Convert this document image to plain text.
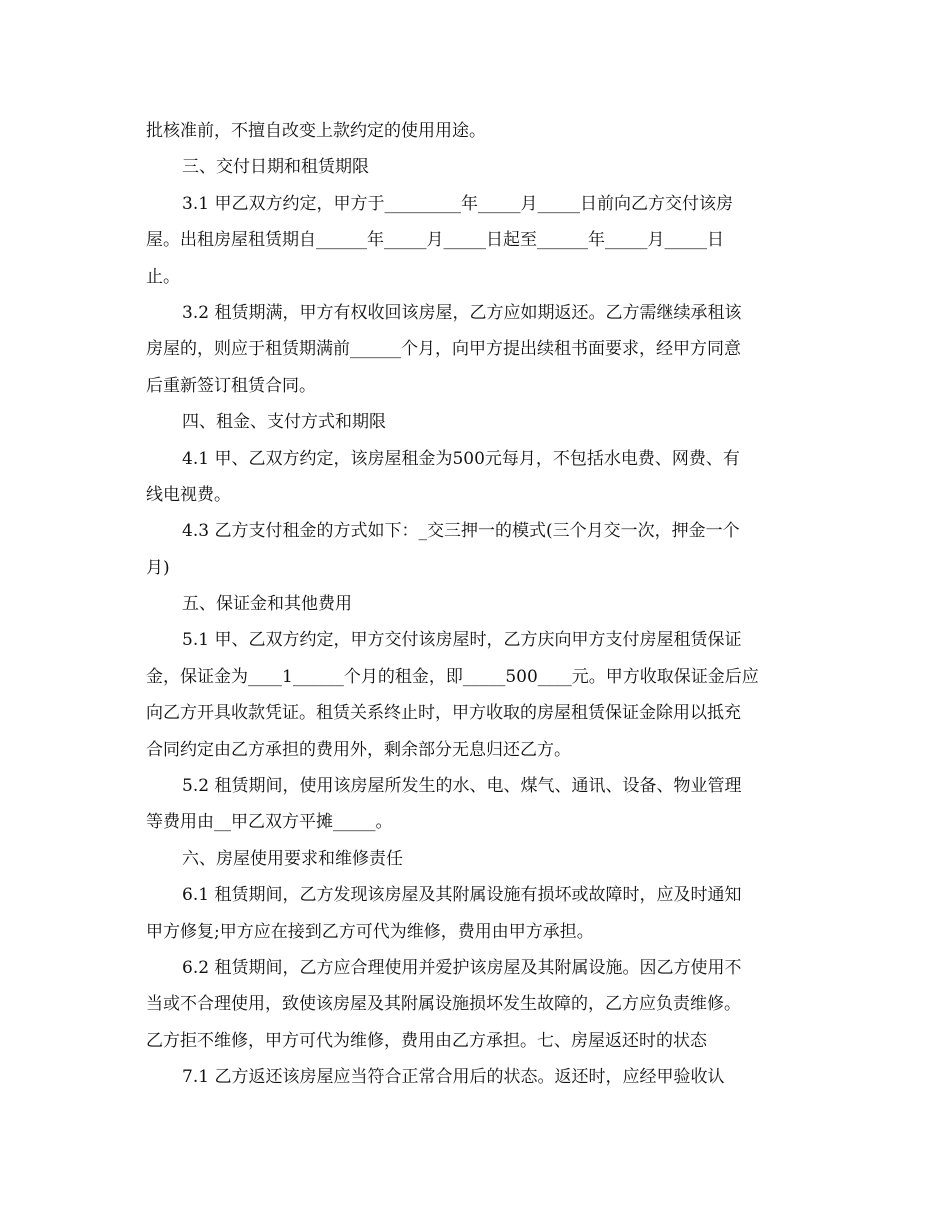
批核准前，不擅自改变上款约定的使用用途。

三、交付日期和租赁期限

3.1 甲乙双方约定，甲方于_________年_____月_____日前向乙方交付该房

屋。出租房屋租赁期自______年_____月_____日起至______年_____月_____日

止。

3.2 租赁期满，甲方有权收回该房屋，乙方应如期返还。乙方需继续承租该

房屋的，则应于租赁期满前______个月，向甲方提出续租书面要求，经甲方同意

后重新签订租赁合同。

四、租金、支付方式和期限

4.1 甲、乙双方约定，该房屋租金为500元每月，不包括水电费、网费、有

线电视费。

4.3 乙方支付租金的方式如下：_交三押一的模式(三个月交一次，押金一个

月)

五、保证金和其他费用

5.1 甲、乙双方约定，甲方交付该房屋时，乙方庆向甲方支付房屋租赁保证

金，保证金为____1______个月的租金，即_____500____元。甲方收取保证金后应

向乙方开具收款凭证。租赁关系终止时，甲方收取的房屋租赁保证金除用以抵充

合同约定由乙方承担的费用外，剩余部分无息归还乙方。

5.2 租赁期间，使用该房屋所发生的水、电、煤气、通讯、设备、物业管理

等费用由__甲乙双方平摊_____。

六、房屋使用要求和维修责任

6.1 租赁期间，乙方发现该房屋及其附属设施有损坏或故障时，应及时通知

甲方修复;甲方应在接到乙方可代为维修，费用由甲方承担。

6.2 租赁期间，乙方应合理使用并爱护该房屋及其附属设施。因乙方使用不

当或不合理使用，致使该房屋及其附属设施损坏发生故障的，乙方应负责维修。

乙方拒不维修，甲方可代为维修，费用由乙方承担。七、房屋返还时的状态

7.1 乙方返还该房屋应当符合正常合用后的状态。返还时，应经甲验收认
